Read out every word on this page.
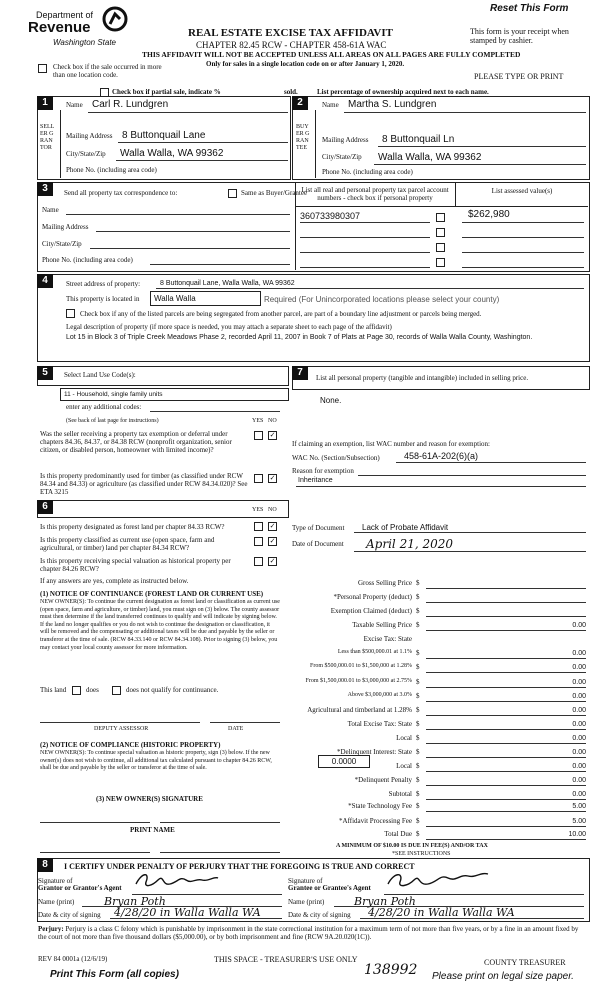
Department of
Revenue
Washington State
Reset This Form
REAL ESTATE EXCISE TAX AFFIDAVIT
CHAPTER 82.45 RCW - CHAPTER 458-61A WAC
THIS AFFIDAVIT WILL NOT BE ACCEPTED UNLESS ALL AREAS ON ALL PAGES ARE FULLY COMPLETED
Only for sales in a single location code on or after January 1, 2020.
This form is your receipt when stamped by cashier.
PLEASE TYPE OR PRINT
Check box if the sale occurred in more than one location code.
Check box if partial sale, indicate %	sold.	List percentage of ownership acquired next to each name.
1
SELLER GRANTOR
Name Carl R. Lundgren
Mailing Address 8 Buttonquail Lane
City/State/Zip Walla Walla, WA 99362
Phone No. (including area code)
2
BUYER GRANTEE
Name Martha S. Lundgren
Mailing Address 8 Buttonquail Ln
City/State/Zip Walla Walla, WA 99362
Phone No. (including area code)
3	Send all property tax correspondence to:	Same as Buyer/Grantee
Name
Mailing Address
City/State/Zip
Phone No. (including area code)
List all real and personal property tax parcel account numbers - check box if personal property
List assessed value(s)
360733980307	$262,980
4	Street address of property:	8 Buttonquail Lane, Walla Walla, WA 99362
This property is located in	Walla Walla	Required (For Unincorporated locations please select your county)
Check box if any of the listed parcels are being segregated from another parcel, are part of a boundary line adjustment or parcels being merged.
Legal description of property (if more space is needed, you may attach a separate sheet to each page of the affidavit)
Lot 15 in Block 3 of Triple Creek Meadows Phase 2, recorded April 11, 2007 in Book 7 of Plats at Page 30, records of Walla Walla County, Washington.
5	Select Land Use Code(s):
11 - Household, single family units
enter any additional codes:
(See back of last page for instructions)	YES NO
Was the seller receiving a property tax exemption or deferral under chapters 84.36, 84.37, or 84.38 RCW (nonprofit organization, senior citizen, or disabled person, homeowner with limited income)?
✓
Is this property predominantly used for timber (as classified under RCW 84.34 and 84.33) or agriculture (as classified under RCW 84.34.020)? See ETA 3215
✓
7	List all personal property (tangible and intangible) included in selling price.
None.
If claiming an exemption, list WAC number and reason for exemption:
WAC No. (Section/Subsection)	458-61A-202(6)(a)
Reason for exemption
Inheritance
6	YES NO
Is this property designated as forest land per chapter 84.33 RCW?	✓
Is this property classified as current use (open space, farm and agricultural, or timber) land per chapter 84.34 RCW?
✓
Is this property receiving special valuation as historical property per chapter 84.26 RCW?
✓
If any answers are yes, complete as instructed below.
(1) NOTICE OF CONTINUANCE (FOREST LAND OR CURRENT USE)
NEW OWNER(S): To continue the current designation as forest land or classification as current use (open space, farm and agriculture, or timber) land, you must sign on (3) below. The county assessor must then determine if the land transferred continues to qualify and will indicate by signing below. If the land no longer qualifies or you do not wish to continue the designation or classification, it will be removed and the compensating or additional taxes will be due and payable by the seller or transferor at the time of sale. (RCW 84.33.140 or RCW 84.34.108). Prior to signing (3) below, you may contact your local county assessor for more information.
This land	does	does not qualify for continuance.
DEPUTY ASSESSOR	DATE
(2) NOTICE OF COMPLIANCE (HISTORIC PROPERTY)
NEW OWNER(S): To continue special valuation as historic property, sign (3) below. If the new owner(s) does not wish to continue, all additional tax calculated pursuant to chapter 84.26 RCW, shall be due and payable by the seller or transferor at the time of sale.
(3) NEW OWNER(S) SIGNATURE
PRINT NAME
Type of Document Lack of Probate Affidavit
Date of Document April 21, 2020
Gross Selling Price $
*Personal Property (deduct) $
Exemption Claimed (deduct) $
Taxable Selling Price $	0.00
Excise Tax: State
Less than $500,000.01 at 1.1% $	0.00
From $500,000.01 to $1,500,000 at 1.28% $	0.00
From $1,500,000.01 to $3,000,000 at 2.75% $	0.00
Above $3,000,000 at 3.0% $	0.00
Agricultural and timberland at 1.28% $	0.00
Total Excise Tax: State $	0.00
Local $	0.00
*Delinquent Interest: State $	0.00
Local $	0.00
*Delinquent Penalty $	0.00
Subtotal $	0.00
*State Technology Fee $	5.00
*Affidavit Processing Fee $	5.00
Total Due $	10.00
0.0000
A MINIMUM OF $10.00 IS DUE IN FEE(S) AND/OR TAX
*SEE INSTRUCTIONS
8	I CERTIFY UNDER PENALTY OF PERJURY THAT THE FOREGOING IS TRUE AND CORRECT
Signature of
Grantor or Grantor's Agent
Name (print)	Bryan Poth
Date & city of signing 4/28/20 in Walla Walla WA
Signature of
Grantee or Grantee's Agent
Name (print)	Bryan Poth
Date & city of signing 4/28/20 in Walla Walla WA
Perjury: Perjury is a class C felony which is punishable by imprisonment in the state correctional institution for a maximum term of not more than five years, or by a fine in an amount fixed by the court of not more than five thousand dollars ($5,000.00), or by both imprisonment and fine (RCW 9A.20.020(1C)).
REV 84 0001a (12/6/19)	THIS SPACE - TREASURER'S USE ONLY	COUNTY TREASURER
138992
Print This Form (all copies)	Please print on legal size paper.
